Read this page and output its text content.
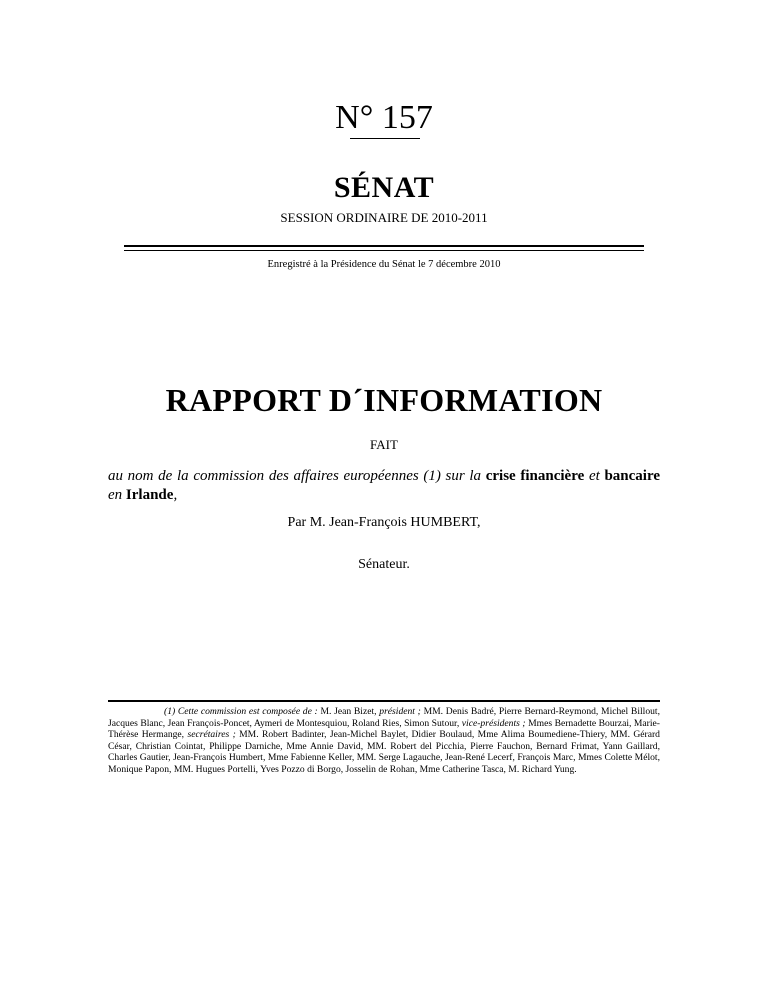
N° 157
SÉNAT
SESSION ORDINAIRE DE 2010-2011
Enregistré à la Présidence du Sénat le 7 décembre 2010
RAPPORT D´INFORMATION
FAIT
au nom de la commission des affaires européennes (1) sur la crise financière et bancaire en Irlande,
Par M. Jean-François HUMBERT,
Sénateur.
(1) Cette commission est composée de : M. Jean Bizet, président ; MM. Denis Badré, Pierre Bernard-Reymond, Michel Billout, Jacques Blanc, Jean François-Poncet, Aymeri de Montesquiou, Roland Ries, Simon Sutour, vice-présidents ; Mmes Bernadette Bourzai, Marie-Thérèse Hermange, secrétaires ; MM. Robert Badinter, Jean-Michel Baylet, Didier Boulaud, Mme Alima Boumediene-Thiery, MM. Gérard César, Christian Cointat, Philippe Darniche, Mme Annie David, MM. Robert del Picchia, Pierre Fauchon, Bernard Frimat, Yann Gaillard, Charles Gautier, Jean-François Humbert, Mme Fabienne Keller, MM. Serge Lagauche, Jean-René Lecerf, François Marc, Mmes Colette Mélot, Monique Papon, MM. Hugues Portelli, Yves Pozzo di Borgo, Josselin de Rohan, Mme Catherine Tasca, M. Richard Yung.
